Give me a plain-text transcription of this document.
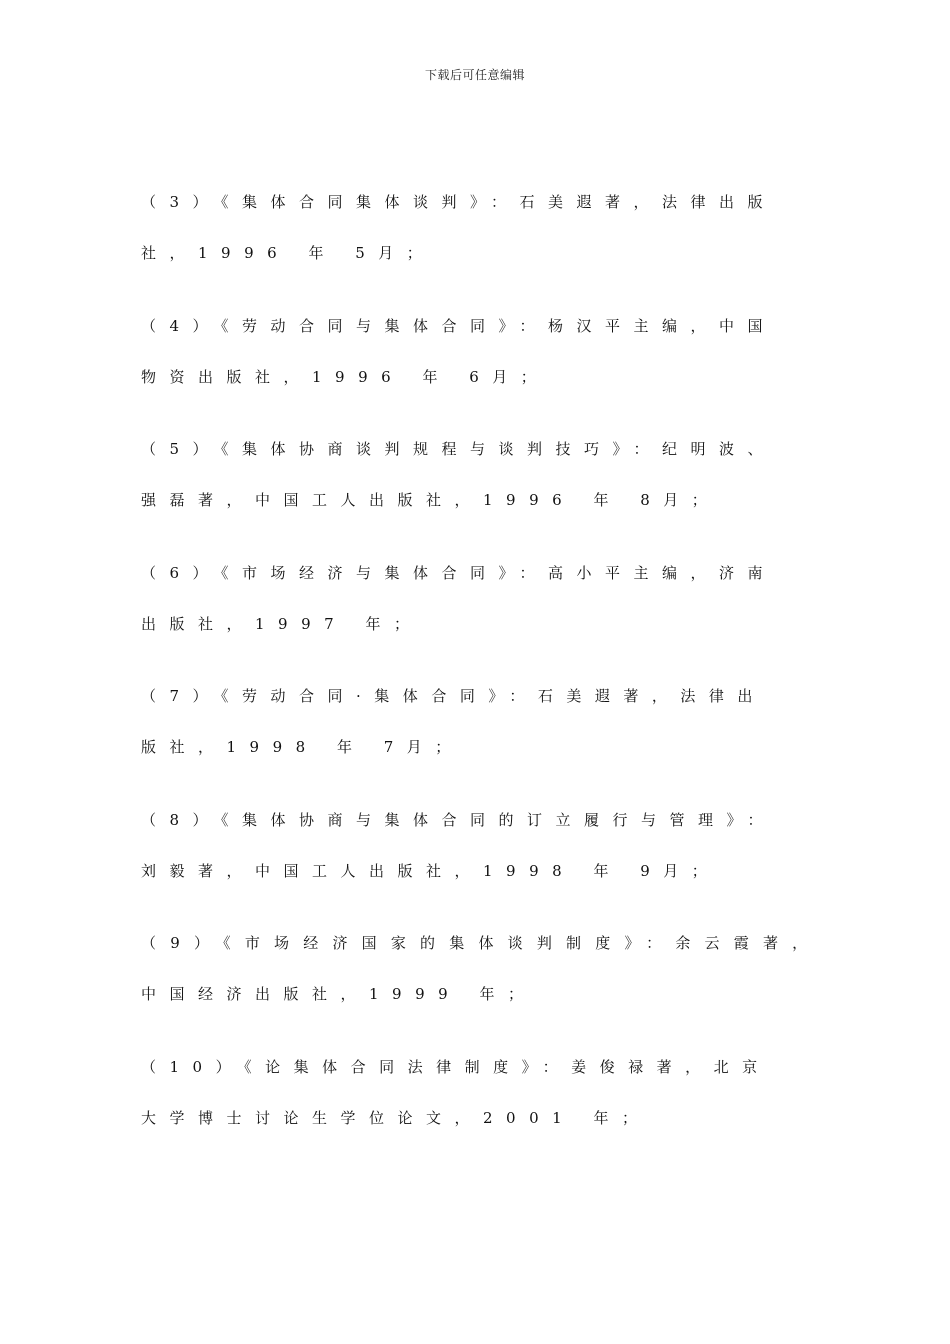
下载后可任意编辑
（3）《集体合同集体谈判》：石美遐著，法律出版
社，1996 年 5月；
（4）《劳动合同与集体合同》：杨汉平主编，中国
物资出版社，1996 年 6月；
（5）《集体协商谈判规程与谈判技巧》：纪明波、
强磊著，中国工人出版社，1996 年 8月；
（6）《市场经济与集体合同》：高小平主编，济南
出版社，1997 年；
（7）《劳动合同·集体合同》：石美遐著，法律出
版社，1998 年 7月；
（8）《集体协商与集体合同的订立履行与管理》：
刘毅著，中国工人出版社，1998 年 9月；
（9）《市场经济国家的集体谈判制度》：余云霞著，
中国经济出版社，1999 年；
（10）《论集体合同法律制度》：姜俊禄著，北京
大学博士讨论生学位论文，2001 年；
